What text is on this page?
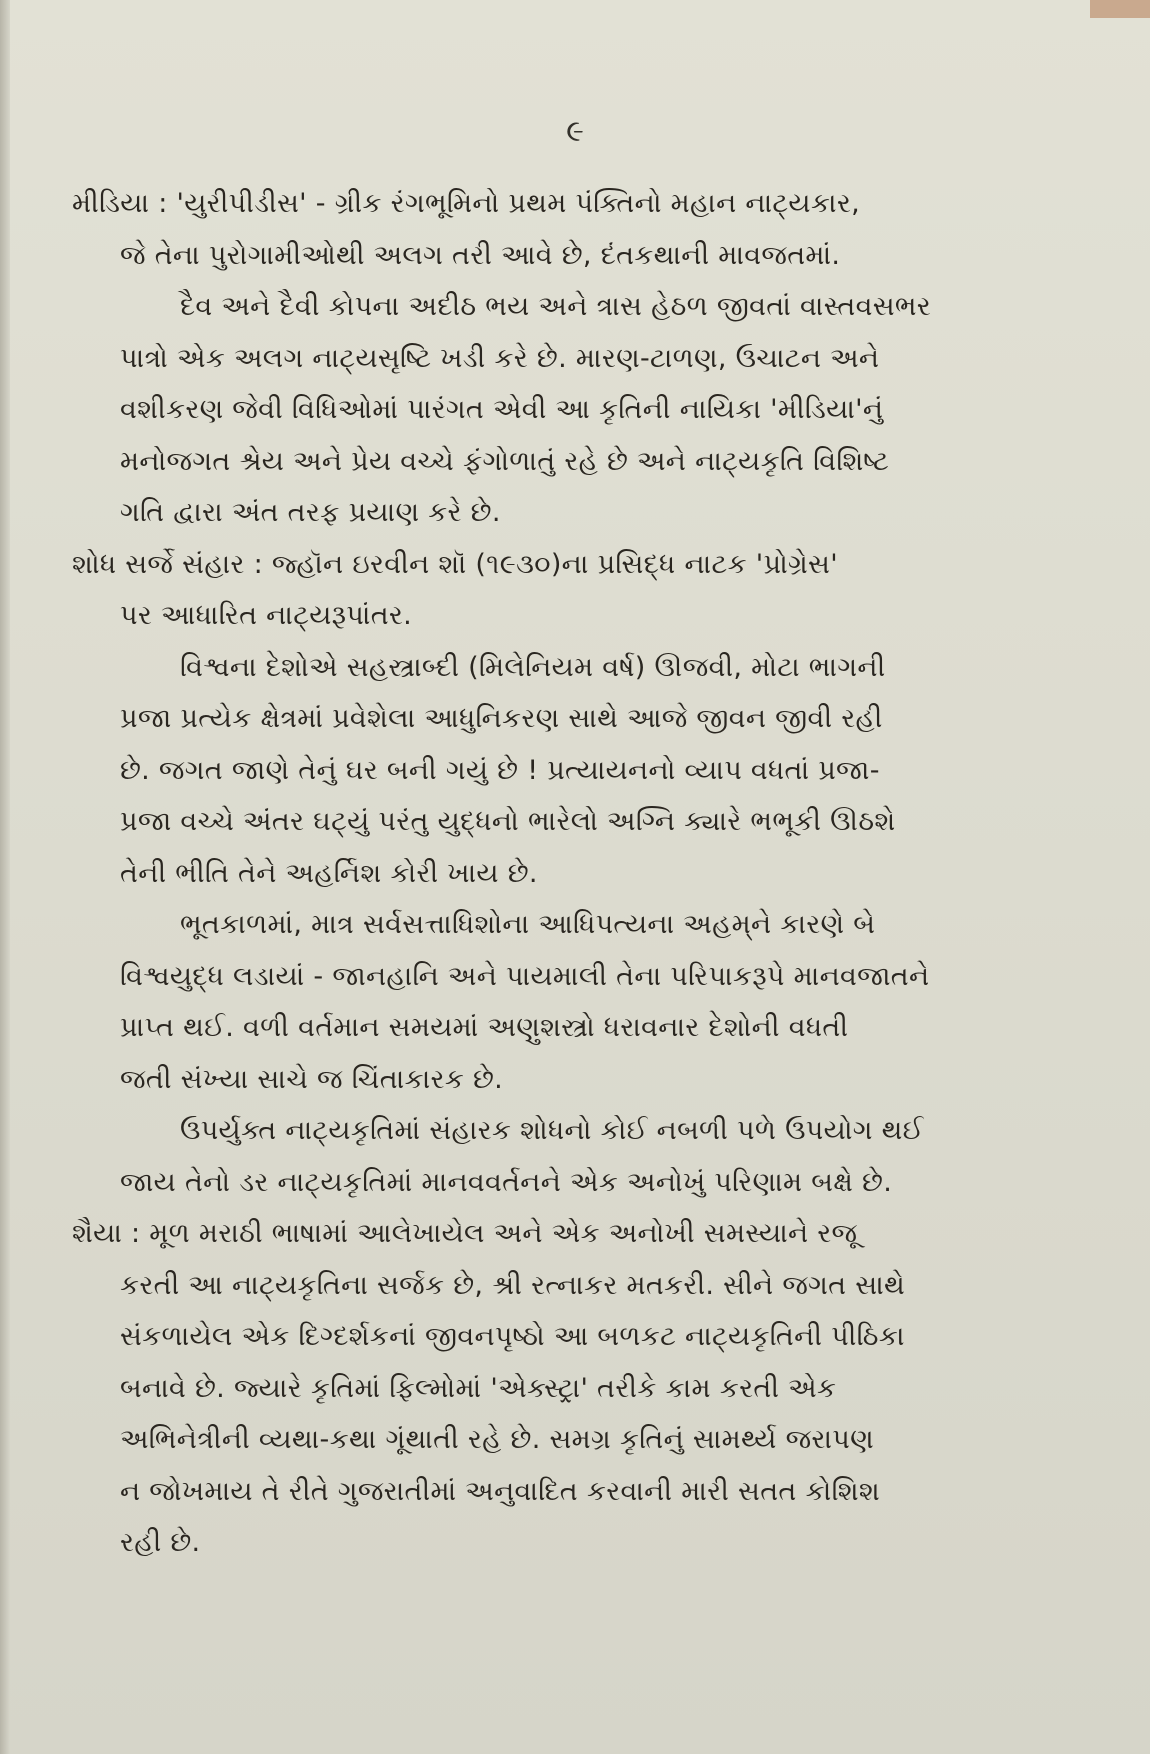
૯
મીડિયા : 'યુરીપીડીસ' - ગ્રીક રંગભૂમિનો પ્રથમ પંક્તિનો મહાન નાટ્યકાર,
જે તેના પુરોગામીઓથી અલગ તરી આવે છે, દંતકથાની માવજતમાં.
દૈવ અને દૈવી કોપના અદીઠ ભય અને ત્રાસ હેઠળ જીવતાં વાસ્તવસભર
પાત્રો એક અલગ નાટ્યસૃષ્ટિ ખડી કરે છે. મારણ-ટાળણ, ઉચાટન અને
વશીકરણ જેવી વિધિઓમાં પારંગત એવી આ કૃતિની નાયિકા 'મીડિયા'નું
મનોજગત શ્રેય અને પ્રેય વચ્ચે ફંગોળાતું રહે છે અને નાટ્યકૃતિ વિશિષ્ટ
ગતિ દ્વારા અંત તરફ પ્રયાણ કરે છે.
શોધ સર્જે સંહાર : જ્હૉન ઇરવીન શૉ (૧૯૩૦)ના પ્રસિદ્ધ નાટક 'પ્રોગ્રેસ'
પર આધારિત નાટ્યરૂપાંતર.
વિશ્વના દેશોએ સહસ્ત્રાબ્દી (મિલેનિયમ વર્ષ) ઊજવી, મોટા ભાગની
પ્રજા પ્રત્યેક ક્ષેત્રમાં પ્રવેશેલા આધુનિકરણ સાથે આજે જીવન જીવી રહી
છે. જગત જાણે તેનું ઘર બની ગયું છે ! પ્રત્યાયનનો વ્યાપ વધતાં પ્રજા-
પ્રજા વચ્ચે અંતર ઘટ્યું પરંતુ યુદ્ધનો ભારેલો અગ્નિ ક્યારે ભભૂકી ઊઠશે
તેની ભીતિ તેને અહર્નિશ કોરી ખાય છે.
ભૂતકાળમાં, માત્ર સર્વસત્તાધિશોના આધિપત્યના અહમ્‌ને કારણે બે
વિશ્વયુદ્ધ લડાયાં - જાનહાનિ અને પાયમાલી તેના પરિપાકરૂપે માનવજાતને
પ્રાપ્ત થઈ. વળી વર્તમાન સમયમાં અણુશસ્ત્રો ધરાવનાર દેશોની વધતી
જતી સંખ્યા સાચે જ ચિંતાકારક છે.
ઉપર્યુક્ત નાટ્યકૃતિમાં સંહારક શોધનો કોઈ નબળી પળે ઉપયોગ થઈ
જાય તેનો ડર નાટ્યકૃતિમાં માનવવર્તનને એક અનોખું પરિણામ બક્ષે છે.
શૈયા : મૂળ મરાઠી ભાષામાં આલેખાયેલ અને એક અનોખી સમસ્યાને રજૂ
કરતી આ નાટ્યકૃતિના સર્જક છે, શ્રી રત્નાકર મતકરી. સીને જગત સાથે
સંકળાયેલ એક દિગ્દર્શકનાં જીવનપૃષ્ઠો આ બળકટ નાટ્યકૃતિની પીઠિકા
બનાવે છે. જ્યારે કૃતિમાં ફિલ્મોમાં 'એક્સ્ટ્રા' તરીકે કામ કરતી એક
અભિનેત્રીની વ્યથા-કથા ગૂંથાતી રહે છે. સમગ્ર કૃતિનું સામર્થ્ય જરાપણ
ન જોખમાય તે રીતે ગુજરાતીમાં અનુવાદિત કરવાની મારી સતત કોશિશ
રહી છે.
